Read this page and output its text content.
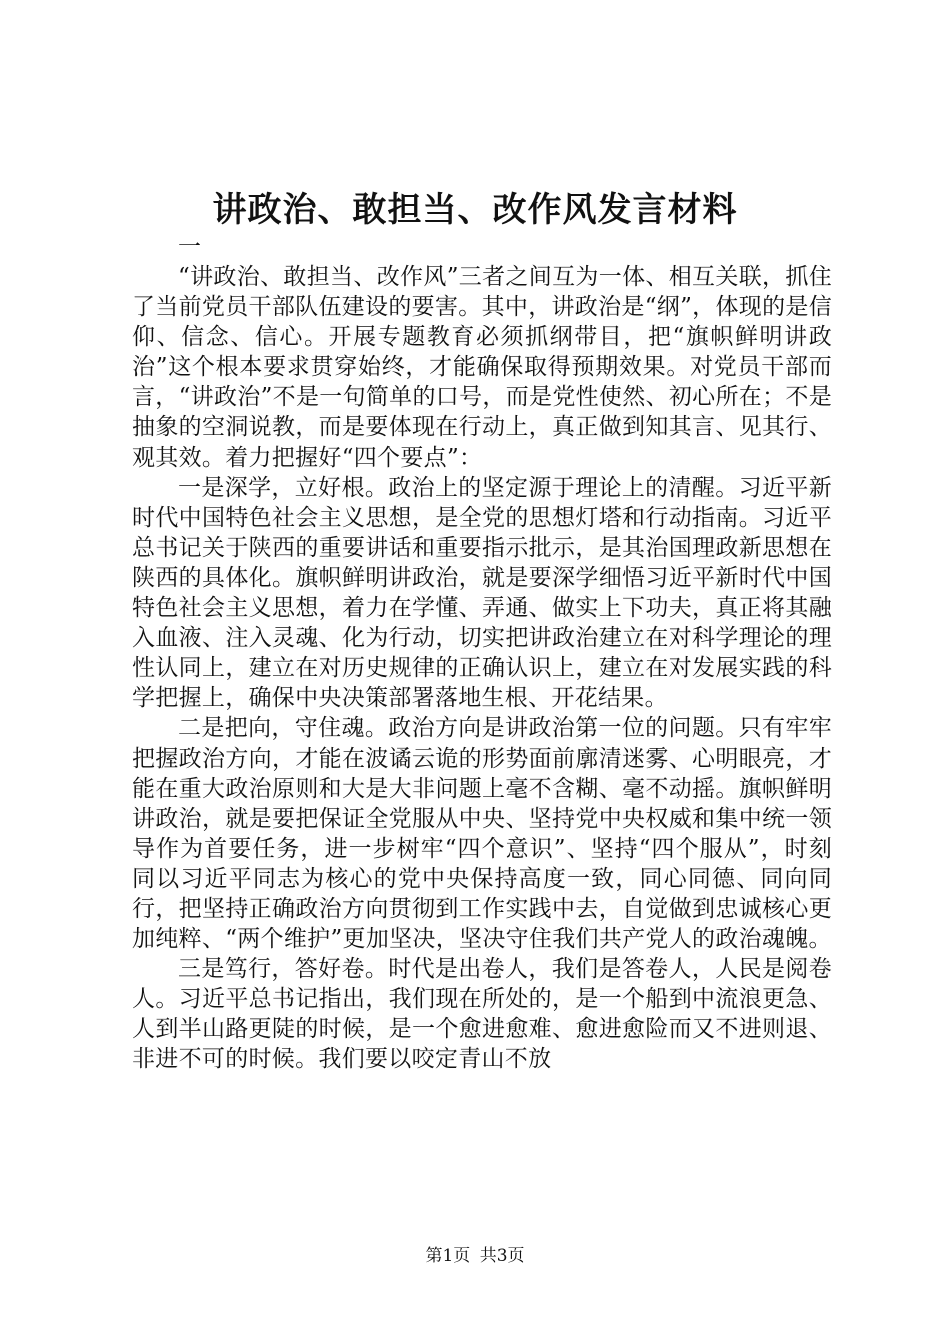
讲政治、敢担当、改作风发言材料

一

“讲政治、敢担当、改作风”三者之间互为一体、相互关联，抓住了当前党员干部队伍建设的要害。其中，讲政治是“纲”，体现的是信仰、信念、信心。开展专题教育必须抓纲带目，把“旗帜鲜明讲政治”这个根本要求贯穿始终，才能确保取得预期效果。对党员干部而言，“讲政治”不是一句简单的口号，而是党性使然、初心所在；不是抽象的空洞说教，而是要体现在行动上，真正做到知其言、见其行、观其效。着力把握好“四个要点”：

一是深学，立好根。政治上的坚定源于理论上的清醒。习近平新时代中国特色社会主义思想，是全党的思想灯塔和行动指南。习近平总书记关于陕西的重要讲话和重要指示批示，是其治国理政新思想在陕西的具体化。旗帜鲜明讲政治，就是要深学细悟习近平新时代中国特色社会主义思想，着力在学懂、弄通、做实上下功夫，真正将其融入血液、注入灵魂、化为行动，切实把讲政治建立在对科学理论的理性认同上，建立在对历史规律的正确认识上，建立在对发展实践的科学把握上，确保中央决策部署落地生根、开花结果。

二是把向，守住魂。政治方向是讲政治第一位的问题。只有牢牢把握政治方向，才能在波谲云诡的形势面前廓清迷雾、心明眼亮，才能在重大政治原则和大是大非问题上毫不含糊、毫不动摇。旗帜鲜明讲政治，就是要把保证全党服从中央、坚持党中央权威和集中统一领导作为首要任务，进一步树牢“四个意识”、坚持“四个服从”，时刻同以习近平同志为核心的党中央保持高度一致，同心同德、同向同行，把坚持正确政治方向贯彻到工作实践中去，自觉做到忠诚核心更加纯粹、“两个维护”更加坚决，坚决守住我们共产党人的政治魂魄。

三是笃行，答好卷。时代是出卷人，我们是答卷人，人民是阅卷人。习近平总书记指出，我们现在所处的，是一个船到中流浪更急、人到半山路更陡的时候，是一个愈进愈难、愈进愈险而又不进则退、非进不可的时候。我们要以咬定青山不放

第1页 共3页
